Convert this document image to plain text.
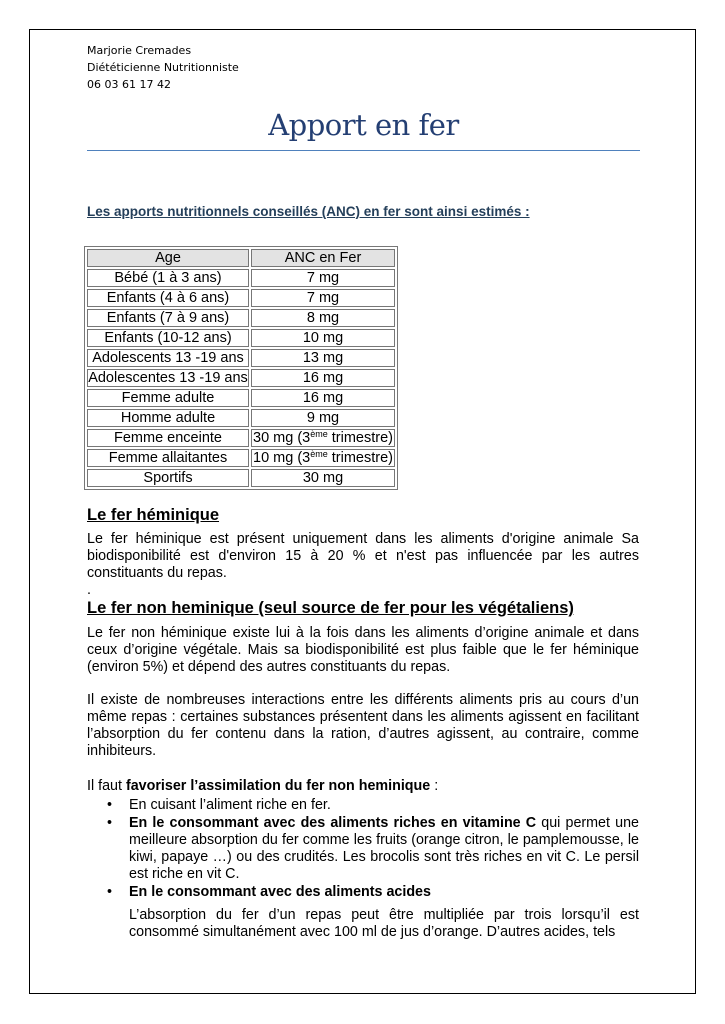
Marjorie Cremades
Diététicienne Nutritionniste
06 03 61 17 42
Apport en fer
Les apports nutritionnels conseillés (ANC) en fer sont ainsi estimés :
Age	ANC en Fer
Bébé (1 à 3 ans)	7 mg
Enfants (4 à 6 ans)	7 mg
Enfants (7 à 9 ans)	8 mg
Enfants (10-12 ans)	10 mg
Adolescents 13 -19 ans	13 mg
Adolescentes 13 -19 ans	16 mg
Femme adulte	16 mg
Homme adulte	9 mg
Femme enceinte	30 mg (3ème trimestre)
Femme allaitantes	10 mg (3ème trimestre)
Sportifs	30 mg
Le fer héminique

Le fer héminique est présent uniquement dans les aliments d'origine animale Sa biodisponibilité est d'environ 15 à 20 % et n'est pas influencée par les autres constituants du repas.

.

Le fer non heminique (seul source de fer pour les végétaliens)

Le fer non héminique existe lui à la fois dans les aliments d’origine animale et dans ceux d’origine végétale. Mais sa biodisponibilité est plus faible que le fer héminique (environ 5%) et dépend des autres constituants du repas.

Il existe de nombreuses interactions entre les différents aliments pris au cours d’un même repas : certaines substances présentent dans les aliments agissent en facilitant l’absorption du fer contenu dans la ration, d’autres agissent, au contraire, comme inhibiteurs.

Il faut favoriser l’assimilation du fer non heminique :

• En cuisant l’aliment riche en fer.
• En le consommant avec des aliments riches en vitamine C qui permet une meilleure absorption du fer comme les fruits (orange citron, le pamplemousse, le kiwi, papaye …) ou des crudités. Les brocolis sont très riches en vit C. Le persil est riche en vit C.
• En le consommant avec des aliments acides

L’absorption du fer d’un repas peut être multipliée par trois lorsqu’il est consommé simultanément avec 100 ml de jus d’orange. D’autres acides, tels
